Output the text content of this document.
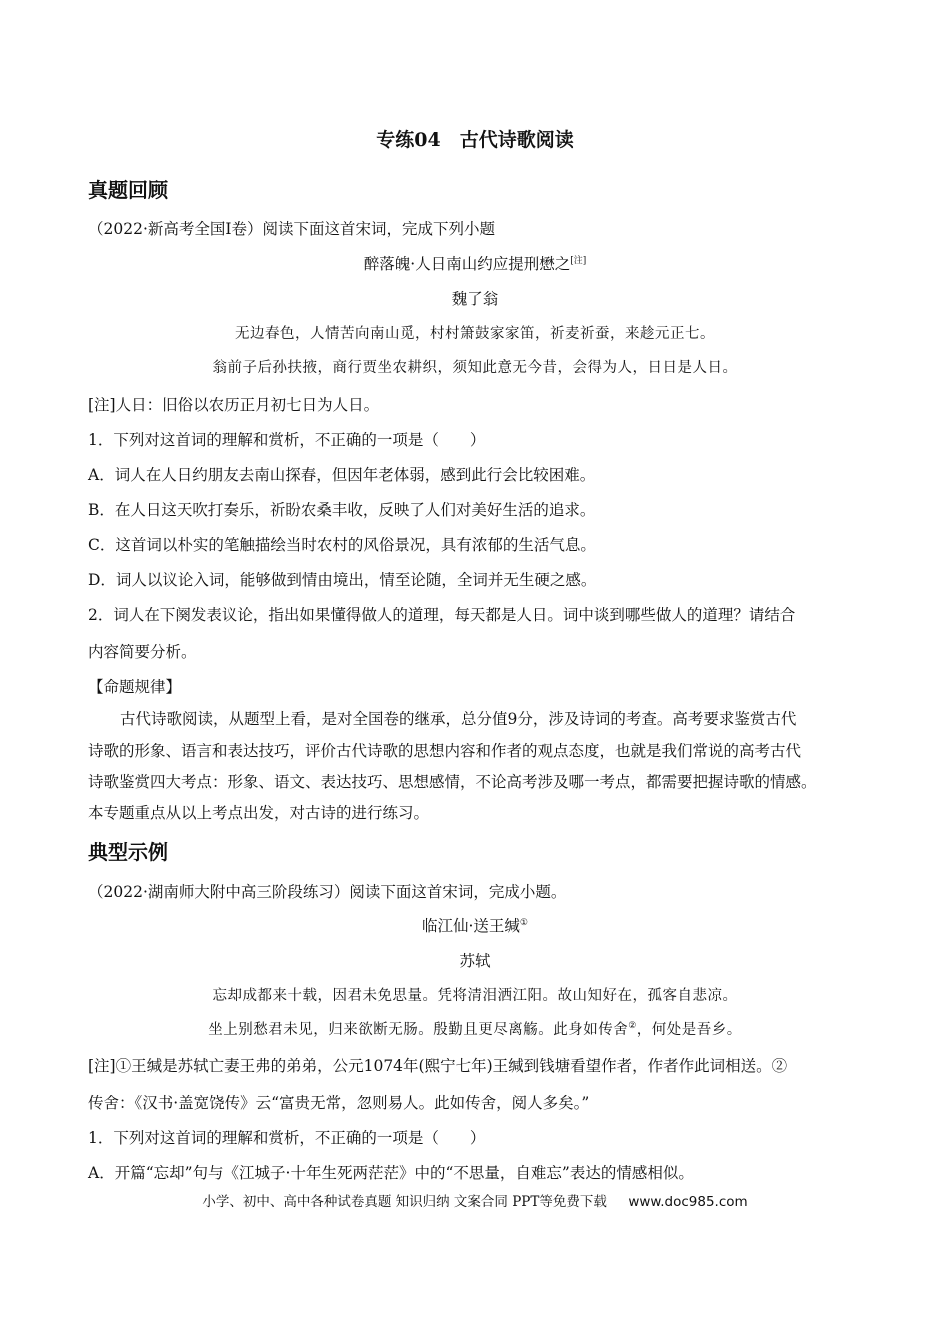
专练04　古代诗歌阅读
真题回顾
（2022·新高考全国Ⅰ卷）阅读下面这首宋词，完成下列小题
醉落魄·人日南山约应提刑懋之[注]
魏了翁
无边春色，人情苦向南山觅，村村箫鼓家家笛，祈麦祈蚕，来趁元正七。
翁前子后孙扶掖，商行贾坐农耕织，须知此意无今昔，会得为人，日日是人日。
[注]人日：旧俗以农历正月初七日为人日。
1．下列对这首词的理解和赏析，不正确的一项是（　　）
A．词人在人日约朋友去南山探春，但因年老体弱，感到此行会比较困难。
B．在人日这天吹打奏乐，祈盼农桑丰收，反映了人们对美好生活的追求。
C．这首词以朴实的笔触描绘当时农村的风俗景况，具有浓郁的生活气息。
D．词人以议论入词，能够做到情由境出，情至论随，全词并无生硬之感。
2．词人在下阕发表议论，指出如果懂得做人的道理，每天都是人日。词中谈到哪些做人的道理？请结合
内容简要分析。
【命题规律】
古代诗歌阅读，从题型上看，是对全国卷的继承，总分值9分，涉及诗词的考查。高考要求鉴赏古代
诗歌的形象、语言和表达技巧，评价古代诗歌的思想内容和作者的观点态度，也就是我们常说的高考古代
诗歌鉴赏四大考点：形象、语文、表达技巧、思想感情，不论高考涉及哪一考点，都需要把握诗歌的情感。
本专题重点从以上考点出发，对古诗的进行练习。
典型示例
（2022·湖南师大附中高三阶段练习）阅读下面这首宋词，完成小题。
临江仙·送王缄①
苏轼
忘却成都来十载，因君未免思量。凭将清泪洒江阳。故山知好在，孤客自悲凉。
坐上别愁君未见，归来欲断无肠。殷勤且更尽离觞。此身如传舍②，何处是吾乡。
[注]①王缄是苏轼亡妻王弗的弟弟，公元1074年(熙宁七年)王缄到钱塘看望作者，作者作此词相送。②
传舍：《汉书·盖宽饶传》云“富贵无常，忽则易人。此如传舍，阅人多矣。”
1．下列对这首词的理解和赏析，不正确的一项是（　　）
A．开篇“忘却”句与《江城子·十年生死两茫茫》中的“不思量，自难忘”表达的情感相似。
小学、初中、高中各种试卷真题 知识归纳 文案合同 PPT等免费下载 www.doc985.com
